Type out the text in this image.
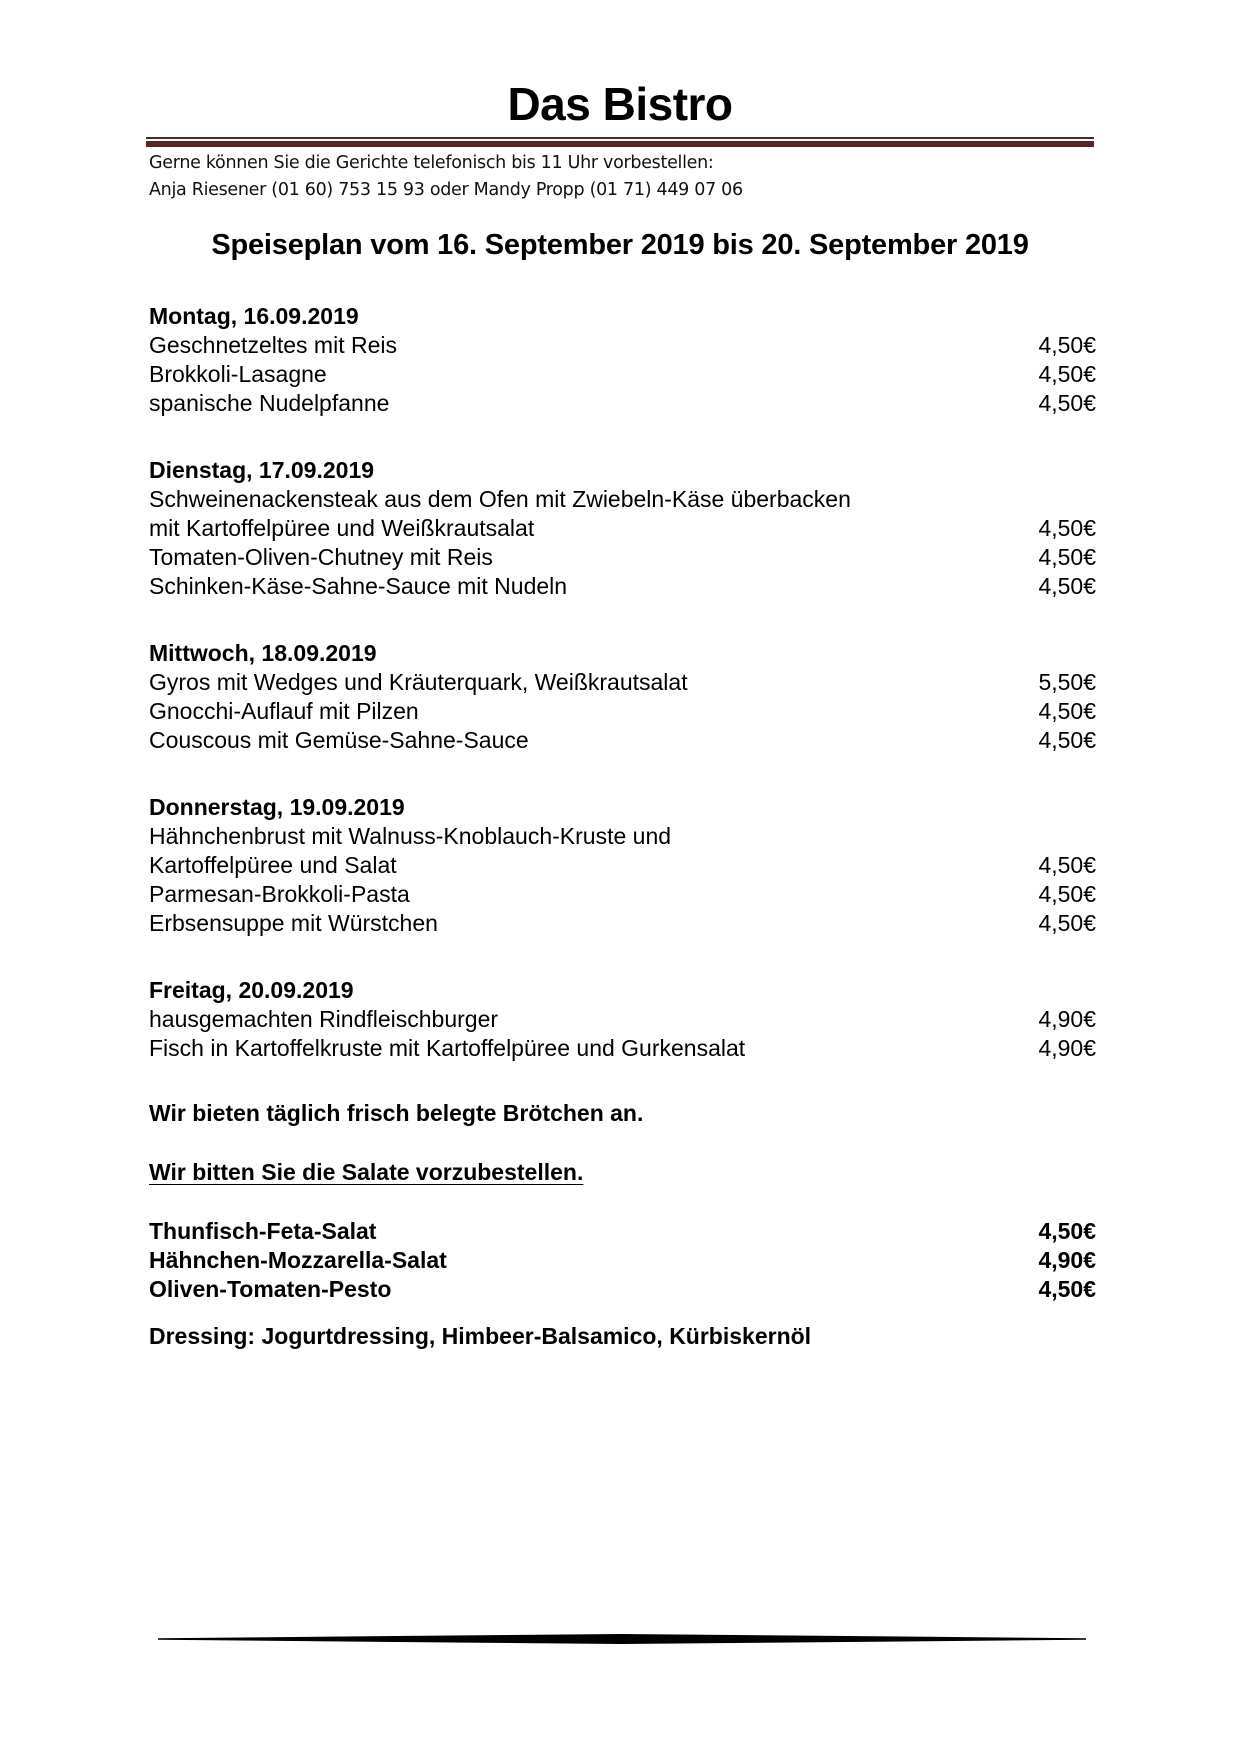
Das Bistro
Gerne können Sie die Gerichte telefonisch bis 11 Uhr vorbestellen:
Anja Riesener (01 60) 753 15 93 oder Mandy Propp (01 71) 449 07 06
Speiseplan vom 16. September 2019 bis 20. September 2019
Montag, 16.09.2019
Geschnetzeltes mit Reis	4,50€
Brokkoli-Lasagne	4,50€
spanische Nudelpfanne	4,50€
Dienstag, 17.09.2019
Schweinenackensteak aus dem Ofen mit Zwiebeln-Käse überbacken
mit Kartoffelpüree und Weißkrautsalat	4,50€
Tomaten-Oliven-Chutney mit Reis	4,50€
Schinken-Käse-Sahne-Sauce mit Nudeln	4,50€
Mittwoch, 18.09.2019
Gyros mit Wedges und Kräuterquark, Weißkrautsalat	5,50€
Gnocchi-Auflauf mit Pilzen	4,50€
Couscous mit Gemüse-Sahne-Sauce	4,50€
Donnerstag, 19.09.2019
Hähnchenbrust mit Walnuss-Knoblauch-Kruste und
Kartoffelpüree und Salat	4,50€
Parmesan-Brokkoli-Pasta	4,50€
Erbsensuppe mit Würstchen	4,50€
Freitag, 20.09.2019
hausgemachten Rindfleischburger	4,90€
Fisch in Kartoffelkruste mit Kartoffelpüree und Gurkensalat	4,90€
Wir bieten täglich frisch belegte Brötchen an.
Wir bitten Sie die Salate vorzubestellen.
Thunfisch-Feta-Salat	4,50€
Hähnchen-Mozzarella-Salat	4,90€
Oliven-Tomaten-Pesto	4,50€
Dressing: Jogurtdressing, Himbeer-Balsamico, Kürbiskernöl
